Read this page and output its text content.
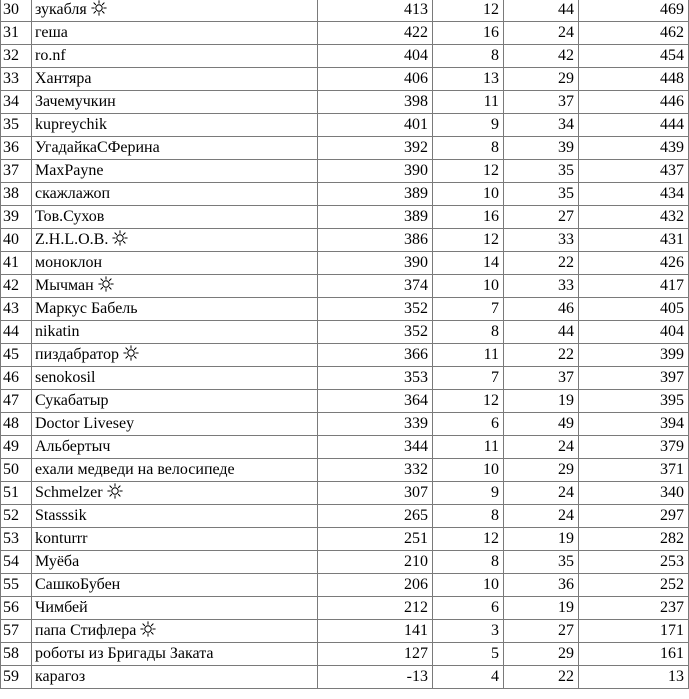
30	зукабля	413	12	44	469
31	гешa	422	16	24	462
32	ro.nf	404	8	42	454
33	Хантяра	406	13	29	448
34	Зачемучкин	398	11	37	446
35	kupreychik	401	9	34	444
36	УгадайкаСФерина	392	8	39	439
37	MaxPayne	390	12	35	437
38	скажлажоп	389	10	35	434
39	Тов.Сухов	389	16	27	432
40	Z.H.L.O.B.	386	12	33	431
41	моноклон	390	14	22	426
42	Мычман	374	10	33	417
43	Маркус Бабель	352	7	46	405
44	nikatin	352	8	44	404
45	пиздабратор	366	11	22	399
46	senokosil	353	7	37	397
47	Сукабатыр	364	12	19	395
48	Doctor Livesey	339	6	49	394
49	Альбертыч	344	11	24	379
50	ехали медведи на велосипеде	332	10	29	371
51	Schmelzer	307	9	24	340
52	Stasssik	265	8	24	297
53	konturrr	251	12	19	282
54	Муёба	210	8	35	253
55	СашкоБубен	206	10	36	252
56	Чимбей	212	6	19	237
57	папа Стифлера	141	3	27	171
58	роботы из Бригады Заката	127	5	29	161
59	карагоз	-13	4	22	13
